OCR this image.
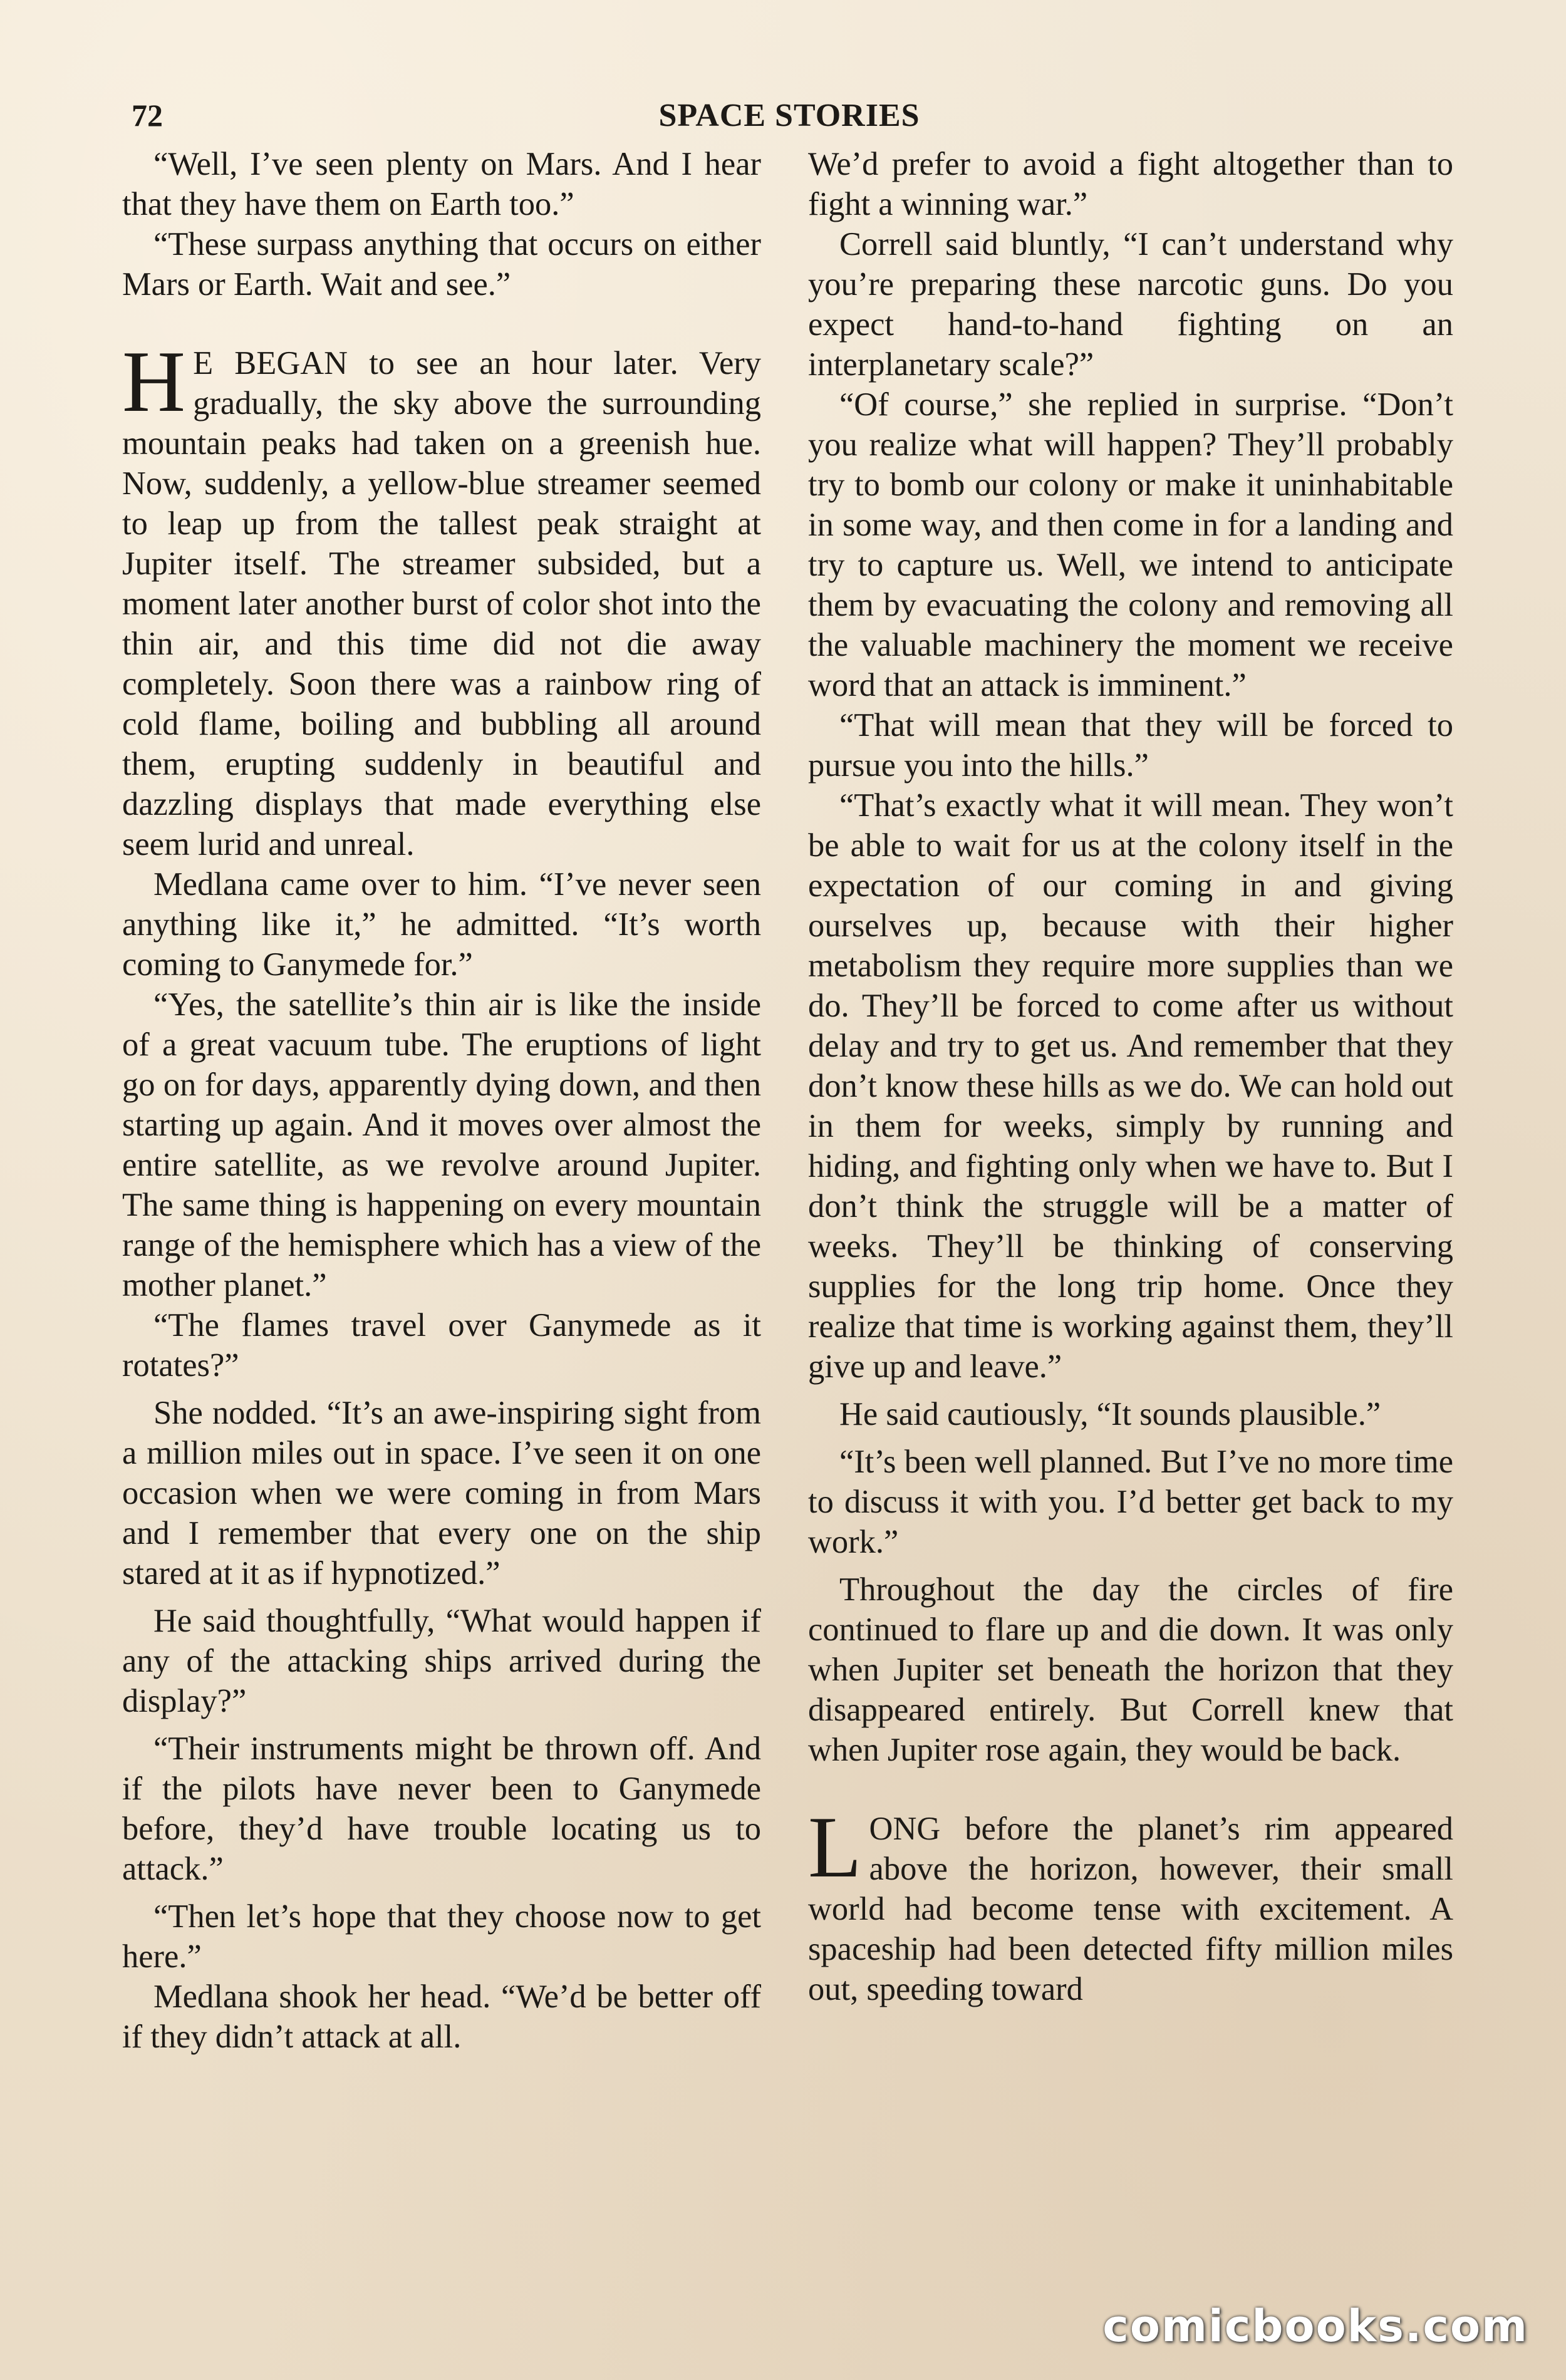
72	SPACE STORIES

“Well, I’ve seen plenty on Mars. And I hear that they have them on Earth too.”

“These surpass anything that occurs on either Mars or Earth. Wait and see.”

H E BEGAN to see an hour later. Very gradually, the sky above the surrounding mountain peaks had taken on a greenish hue. Now, suddenly, a yellow-blue streamer seemed to leap up from the tallest peak straight at Jupiter itself. The streamer subsided, but a moment later another burst of color shot into the thin air, and this time did not die away completely. Soon there was a rainbow ring of cold flame, boiling and bubbling all around them, erupting suddenly in beautiful and dazzling displays that made everything else seem lurid and unreal.

Medlana came over to him. “I’ve never seen anything like it,” he admitted. “It’s worth coming to Ganymede for.”

“Yes, the satellite’s thin air is like the inside of a great vacuum tube. The eruptions of light go on for days, apparently dying down, and then starting up again. And it moves over almost the entire satellite, as we revolve around Jupiter. The same thing is happening on every mountain range of the hemisphere which has a view of the mother planet.”

“The flames travel over Ganymede as it rotates?”

She nodded. “It’s an awe-inspiring sight from a million miles out in space. I’ve seen it on one occasion when we were coming in from Mars and I remember that every one on the ship stared at it as if hypnotized.”

He said thoughtfully, “What would happen if any of the attacking ships arrived during the display?”

“Their instruments might be thrown off. And if the pilots have never been to Ganymede before, they’d have trouble locating us to attack.”

“Then let’s hope that they choose now to get here.”

Medlana shook her head. “We’d be better off if they didn’t attack at all.

We’d prefer to avoid a fight altogether than to fight a winning war.”

Correll said bluntly, “I can’t understand why you’re preparing these narcotic guns. Do you expect hand-to-hand fighting on an interplanetary scale?”

“Of course,” she replied in surprise. “Don’t you realize what will happen? They’ll probably try to bomb our colony or make it uninhabitable in some way, and then come in for a landing and try to capture us. Well, we intend to anticipate them by evacuating the colony and removing all the valuable machinery the moment we receive word that an attack is imminent.”

“That will mean that they will be forced to pursue you into the hills.”

“That’s exactly what it will mean. They won’t be able to wait for us at the colony itself in the expectation of our coming in and giving ourselves up, because with their higher metabolism they require more supplies than we do. They’ll be forced to come after us without delay and try to get us. And remember that they don’t know these hills as we do. We can hold out in them for weeks, simply by running and hiding, and fighting only when we have to. But I don’t think the struggle will be a matter of weeks. They’ll be thinking of conserving supplies for the long trip home. Once they realize that time is working against them, they’ll give up and leave.”

He said cautiously, “It sounds plausible.”

“It’s been well planned. But I’ve no more time to discuss it with you. I’d better get back to my work.”

Throughout the day the circles of fire continued to flare up and die down. It was only when Jupiter set beneath the horizon that they disappeared entirely. But Correll knew that when Jupiter rose again, they would be back.

LONG before the planet’s rim appeared above the horizon, however, their small world had become tense with excitement. A spaceship had been detected fifty million miles out, speeding toward

comicbooks.com
